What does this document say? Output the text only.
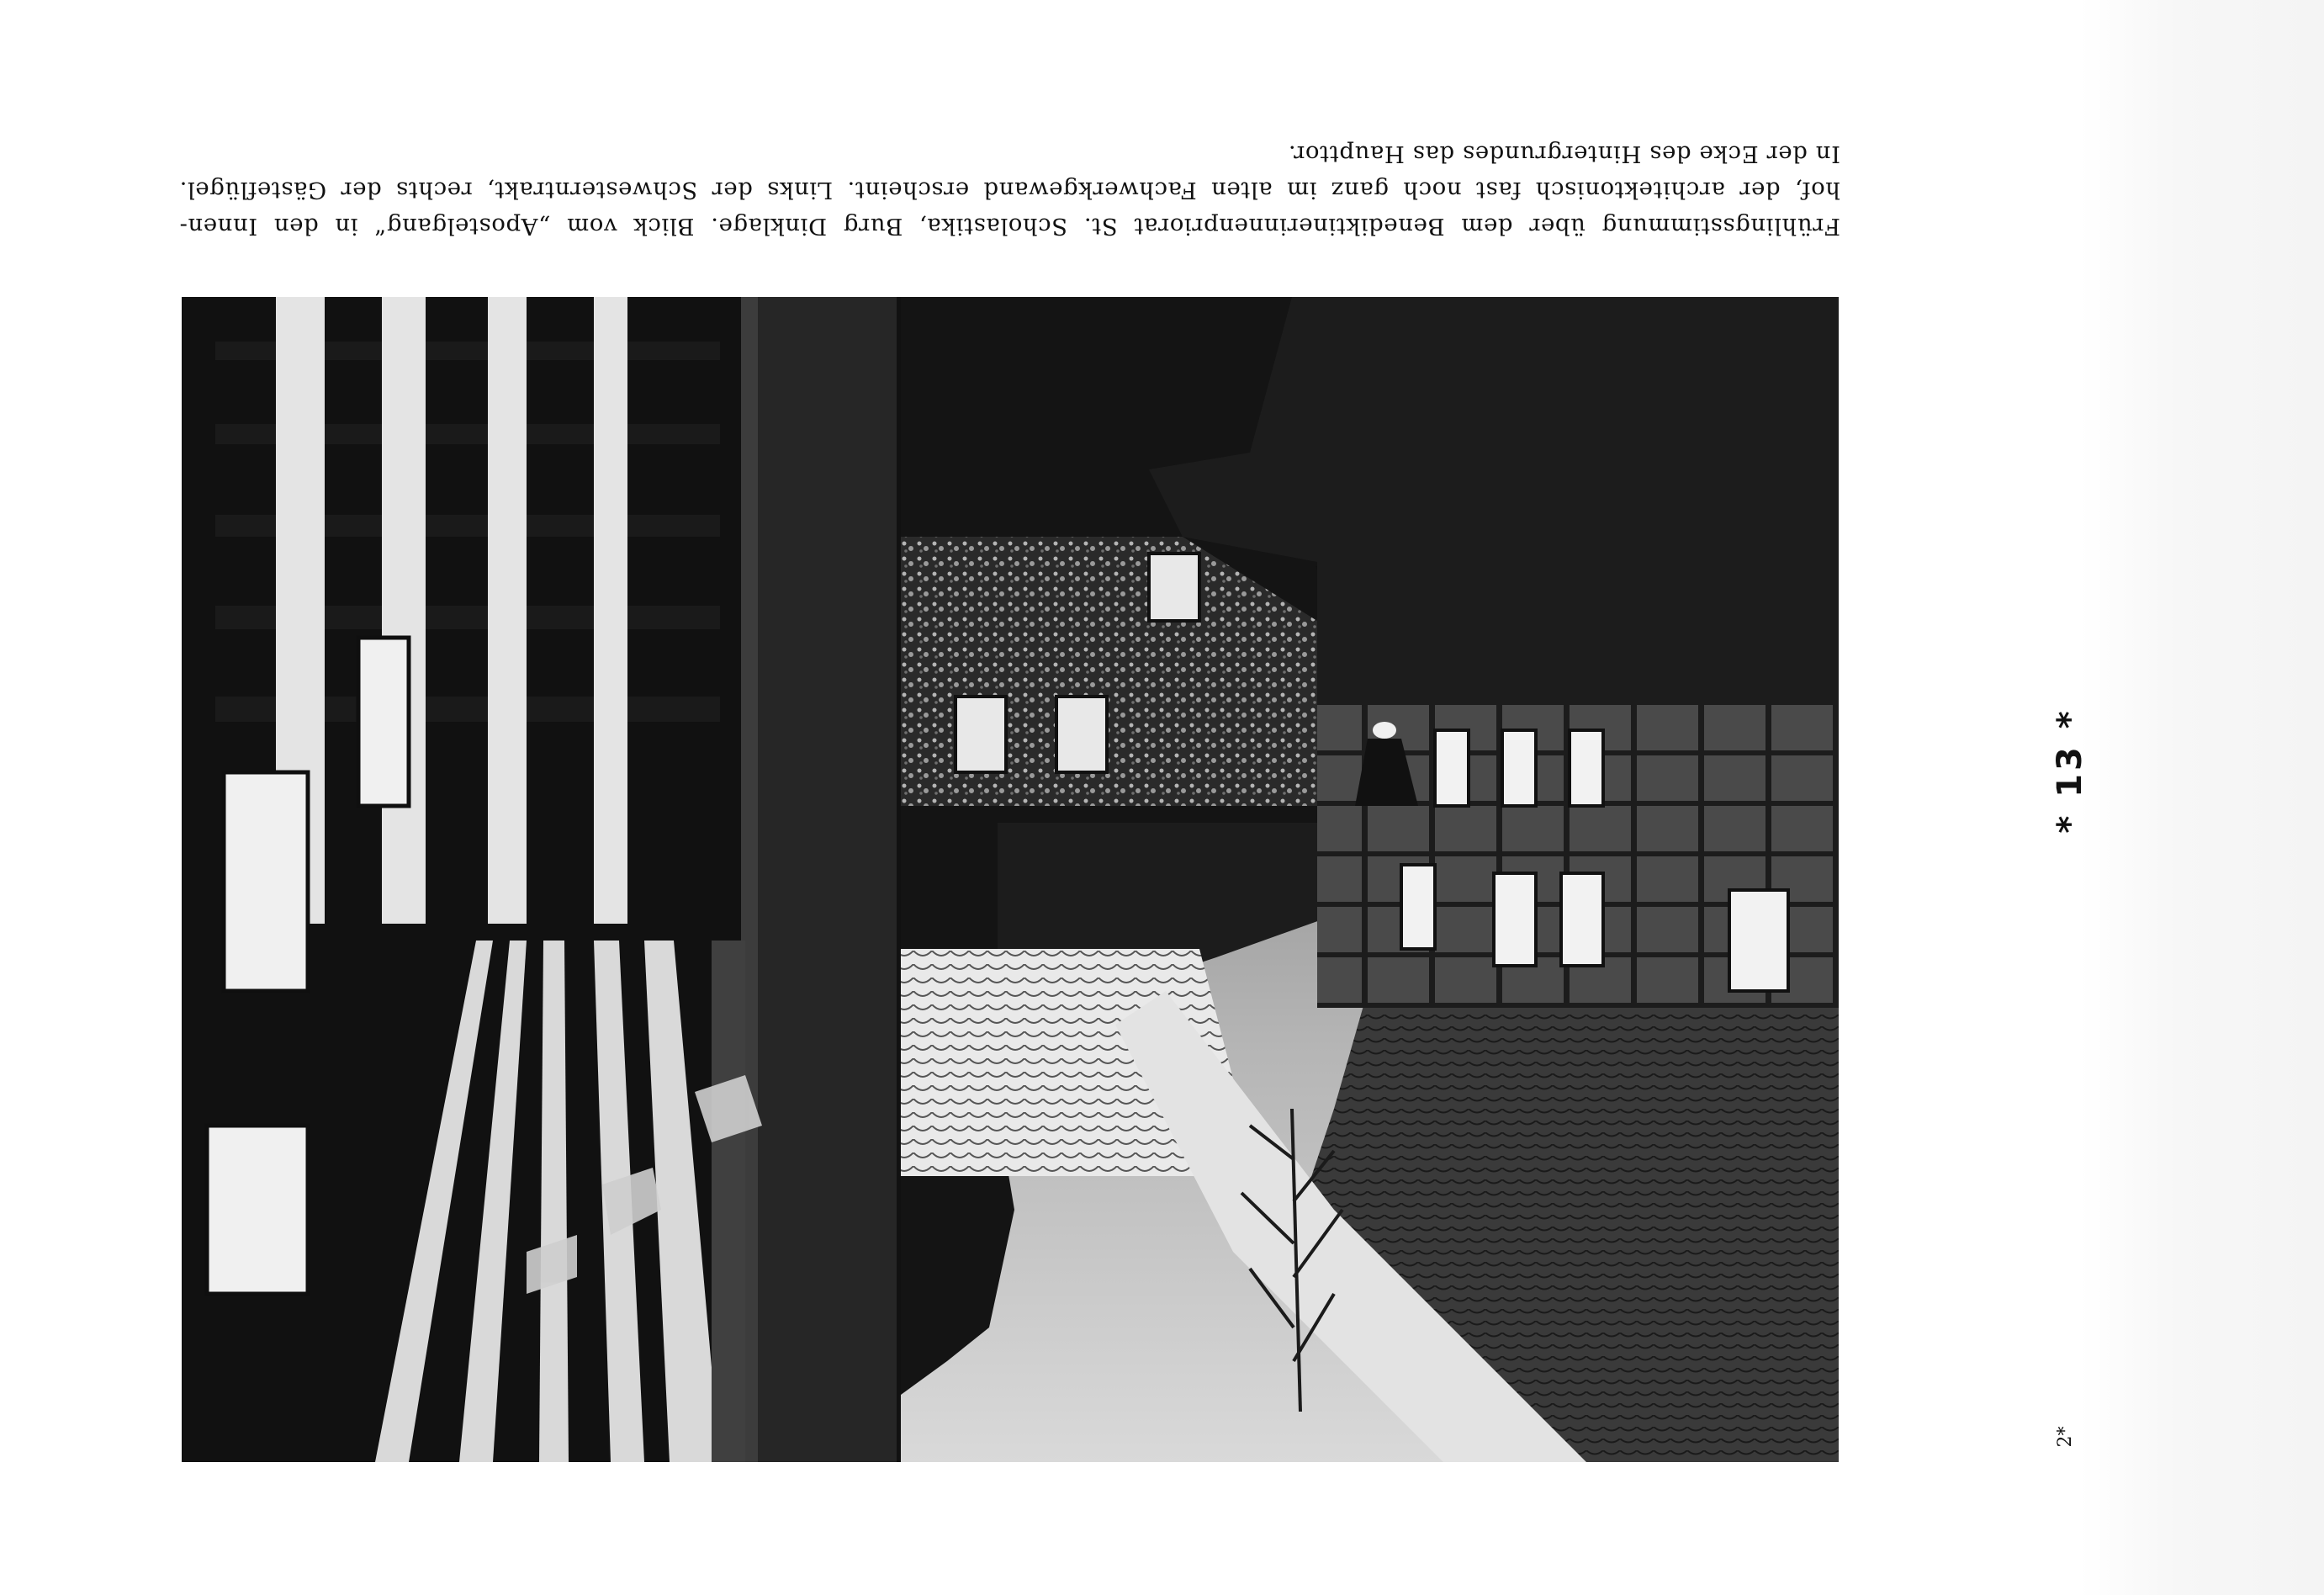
* 13 *
2*
Frühlingsstimmung über dem Benediktinerinnenpriorat St. Scholastika, Burg Dinklage. Blick vom „Apostelgang“ in den Innen-
hof, der architektonisch fast noch ganz im alten Fachwerkgewand erscheint. Links der Schwesterntrakt, rechts der Gästeflügel.
In der Ecke des Hintergrundes das Haupttor.
